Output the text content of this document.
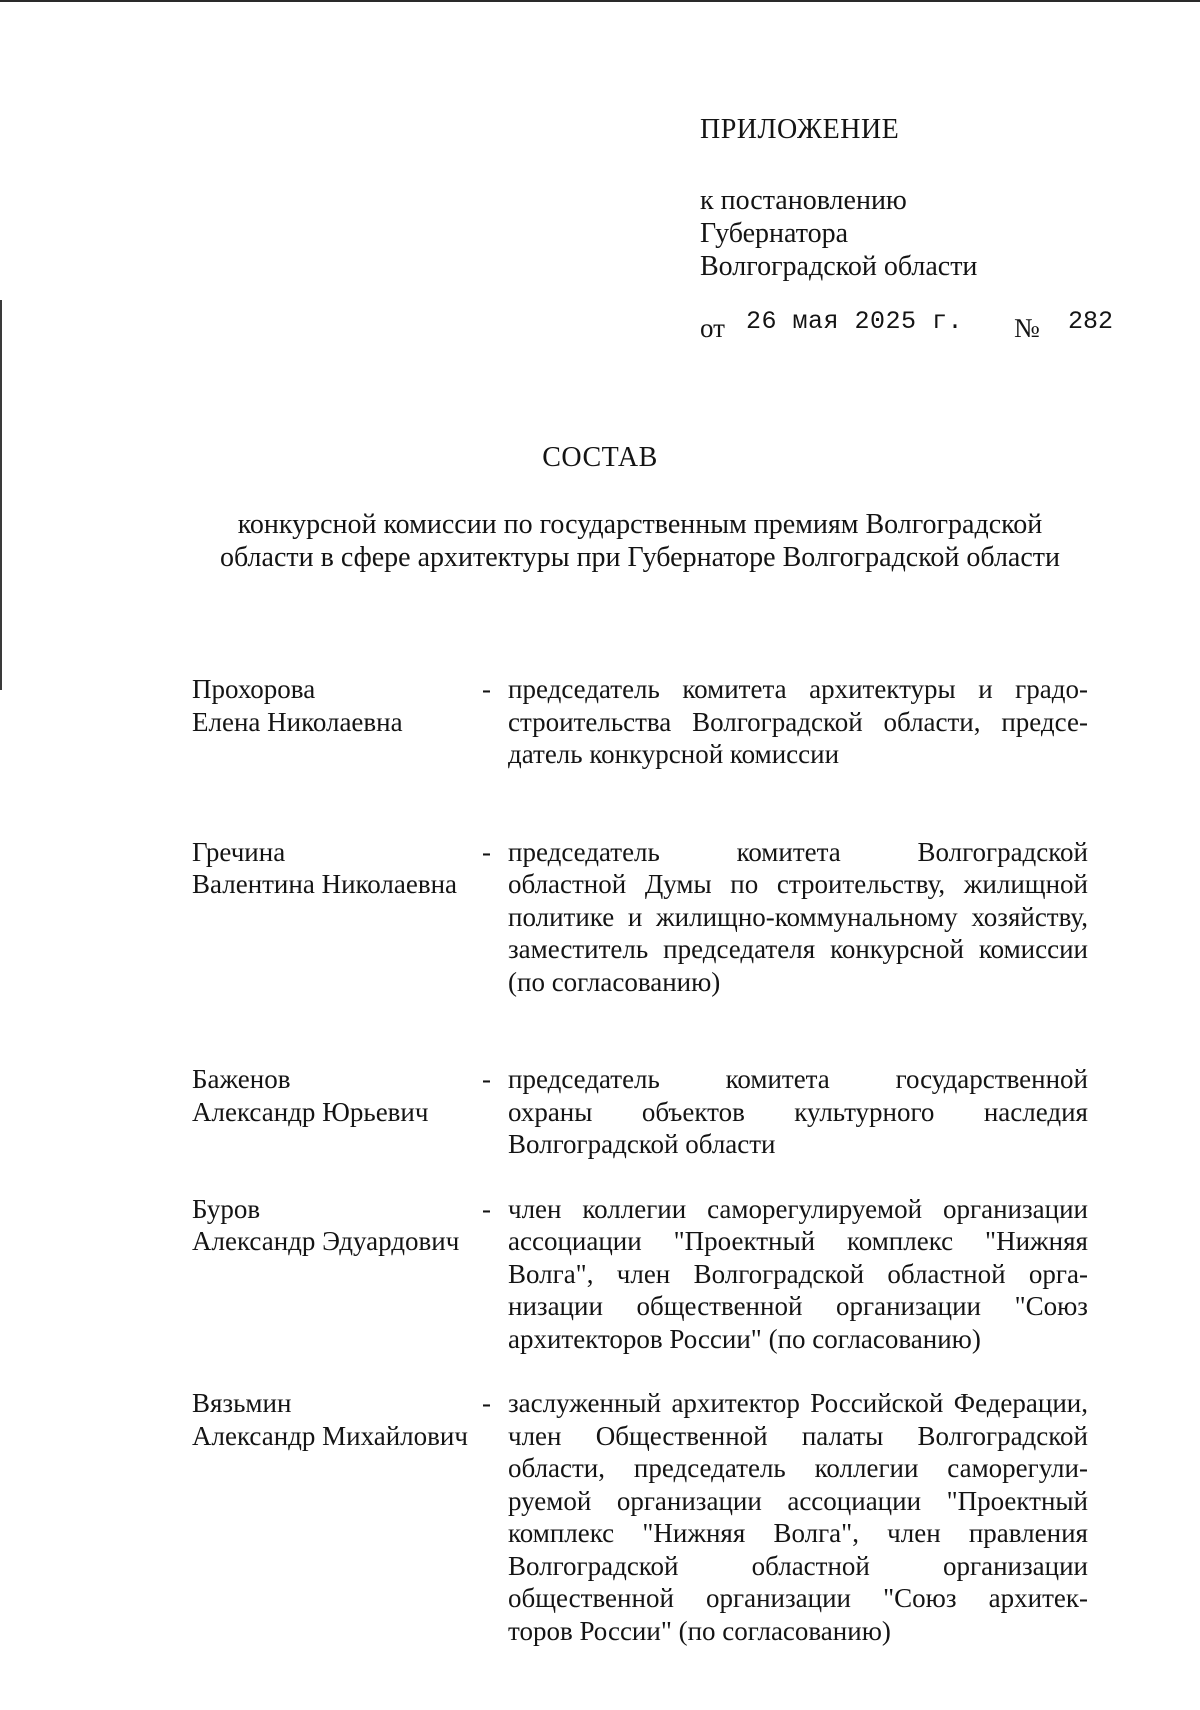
ПРИЛОЖЕНИЕ
к постановлению
Губернатора
Волгоградской области
от 26 мая 2025 г. № 282
СОСТАВ
конкурсной комиссии по государственным премиям Волгоградской
области в сфере архитектуры при Губернаторе Волгоградской области
Прохорова
Елена Николаевна
- председатель комитета архитектуры и градо-
строительства Волгоградской области, предсе-
датель конкурсной комиссии
Гречина
Валентина Николаевна
- председатель	комитета	Волгоградской
областной Думы по строительству, жилищной
политике и жилищно-коммунальному хозяйству,
заместитель председателя конкурсной комиссии
(по согласованию)
Баженов
Александр Юрьевич
- председатель комитета государственной
охраны объектов культурного наследия
Волгоградской области
Буров
Александр Эдуардович
- член коллегии саморегулируемой организации
ассоциации "Проектный комплекс "Нижняя
Волга", член Волгоградской областной орга-
низации общественной организации "Союз
архитекторов России" (по согласованию)
Вязьмин
Александр Михайлович
- заслуженный архитектор Российской Федерации,
член Общественной палаты Волгоградской
области, председатель коллегии саморегули-
руемой организации ассоциации "Проектный
комплекс "Нижняя Волга", член правления
Волгоградской	областной	организации
общественной организации "Союз архитек-
торов России" (по согласованию)
